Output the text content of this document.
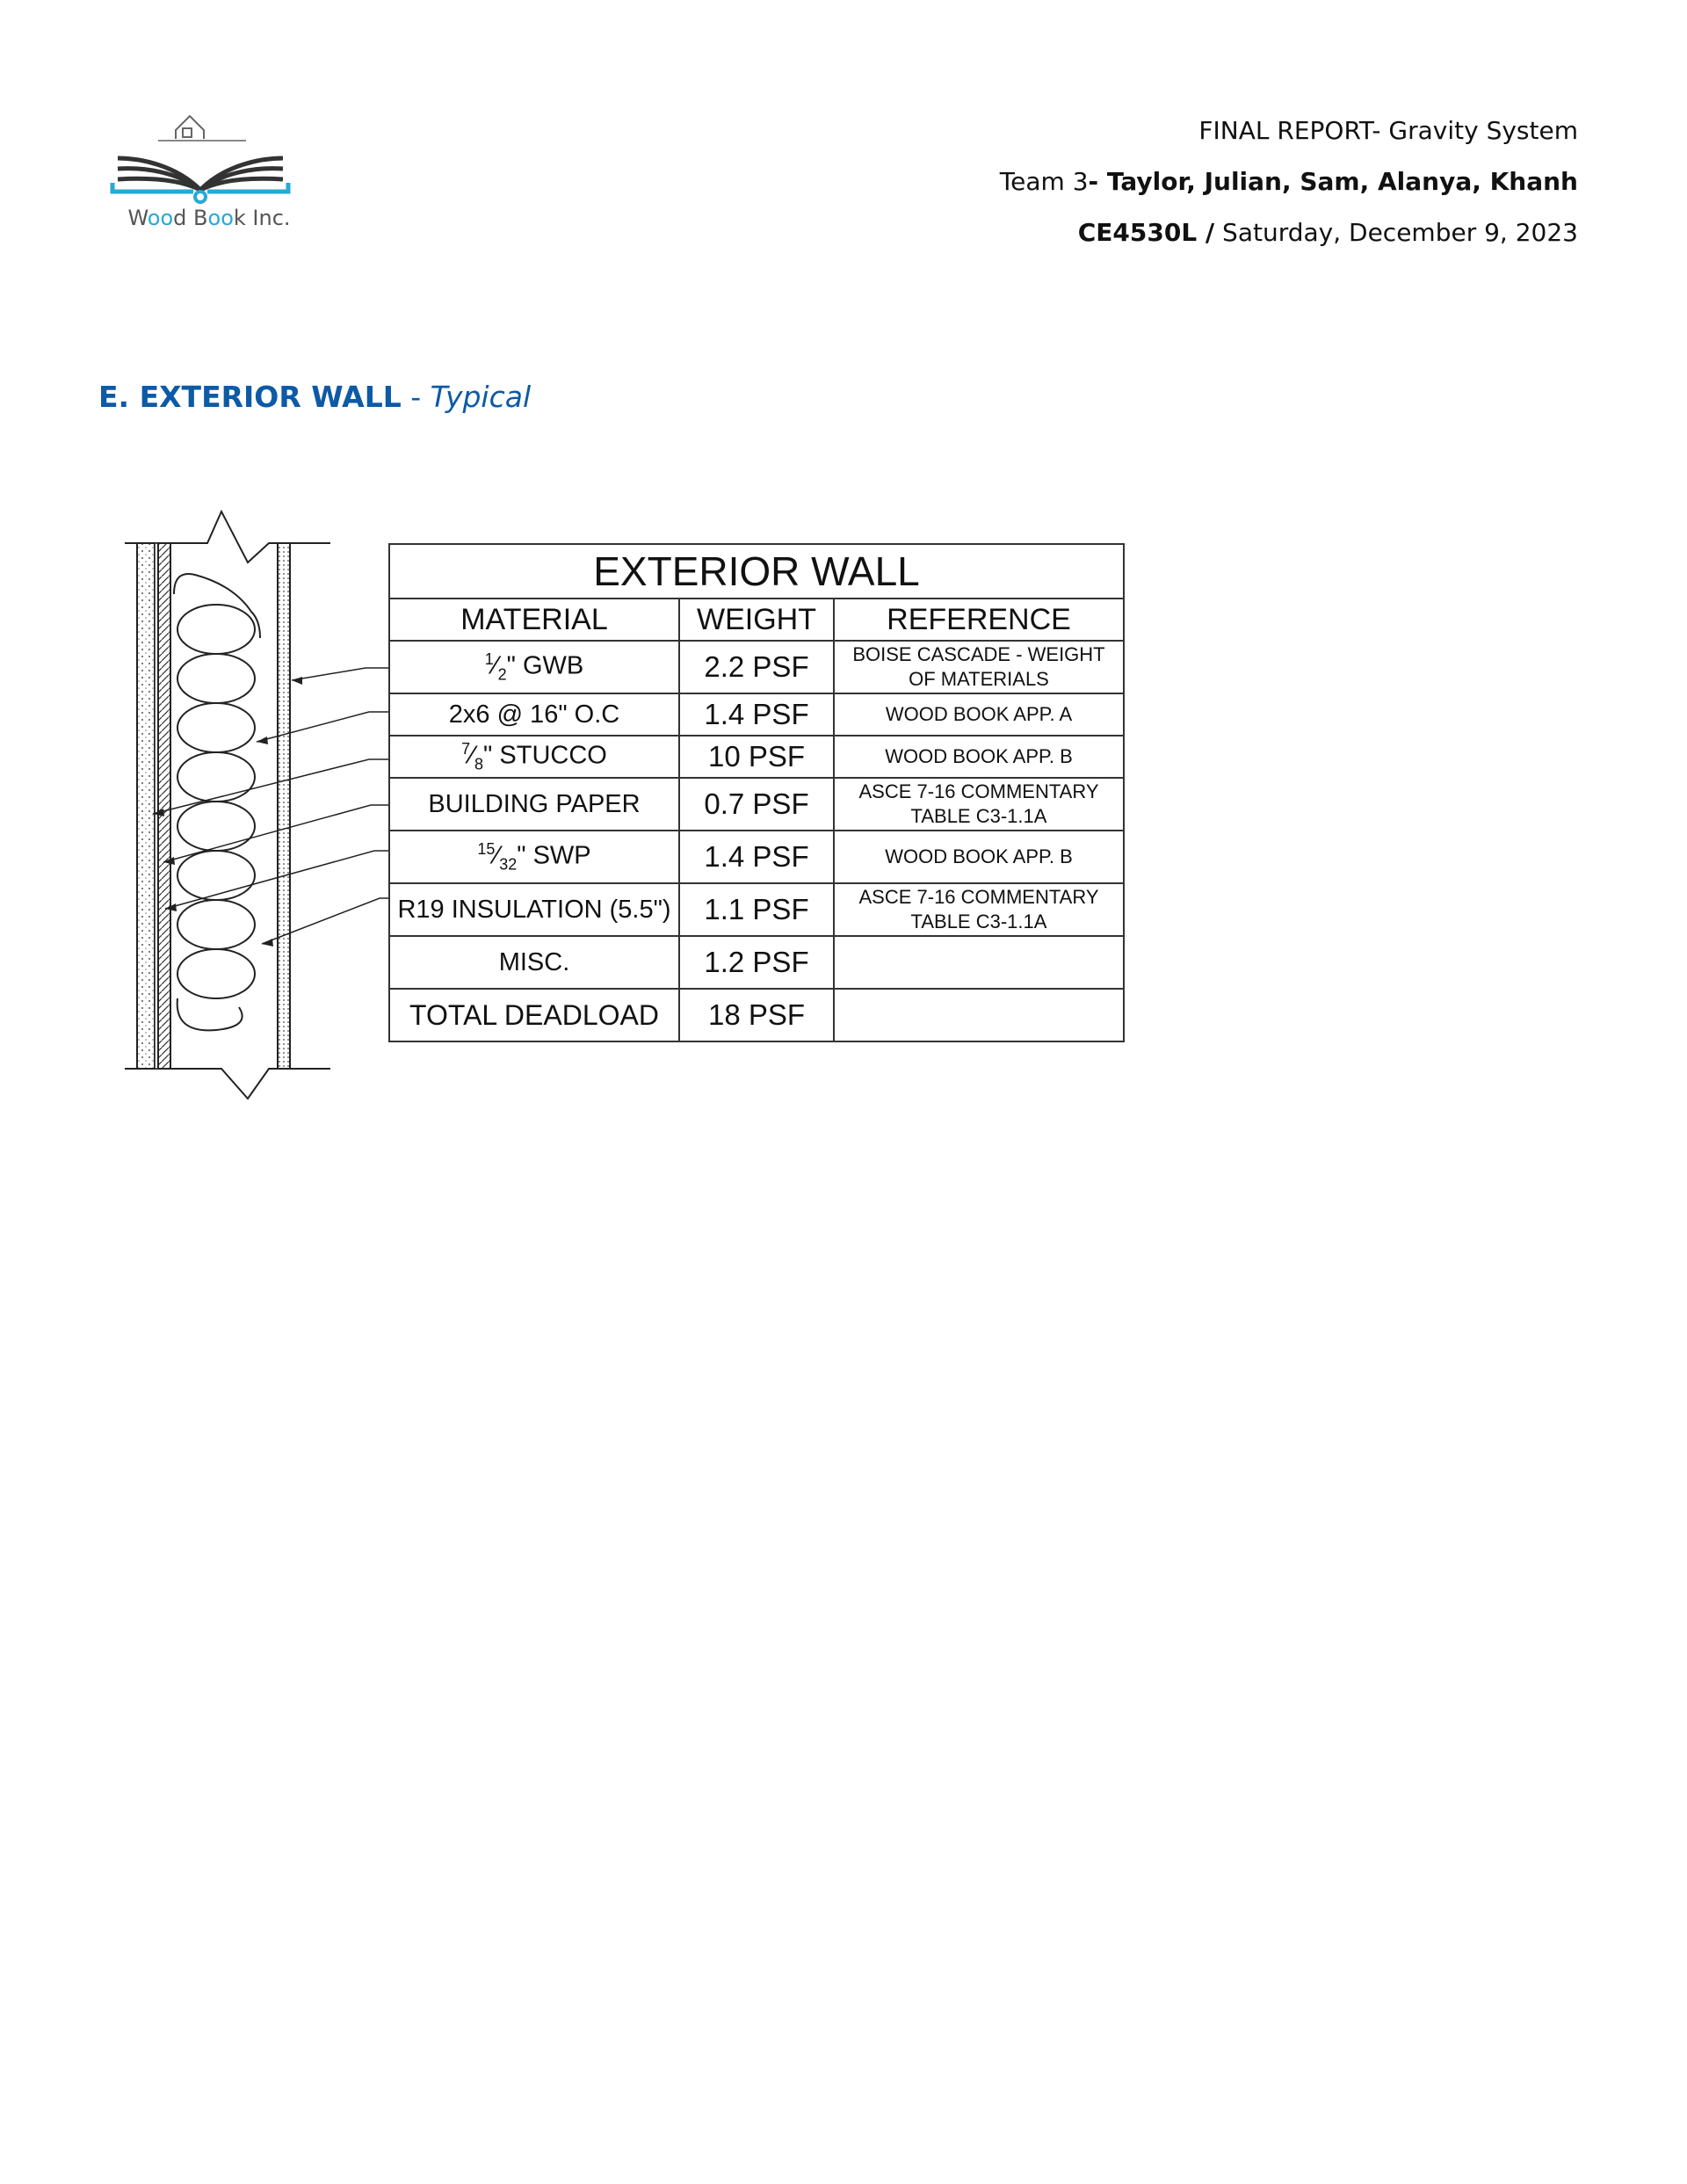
Wood Book Inc.
FINAL REPORT- Gravity System
Team 3- Taylor, Julian, Sam, Alanya, Khanh
CE4530L / Saturday, December 9, 2023
E. EXTERIOR WALL - Typical
EXTERIOR WALL		
MATERIAL	WEIGHT	REFERENCE
$^1⁄_2$" GWB	2.2 PSF	BOISE CASCADE - WEIGHT
OF MATERIALS

2x6 @ 16" O.C	1.4 PSF	WOOD BOOK APP. A
$^7⁄_8$" STUCCO	10 PSF	WOOD BOOK APP. B
BUILDING PAPER	0.7 PSF	ASCE 7-16 COMMENTARY
TABLE C3-1.1A

$^{15}⁄_{32}$" SWP	1.4 PSF	WOOD BOOK APP. B
R19 INSULATION (5.5")	1.1 PSF	ASCE 7-16 COMMENTARY
TABLE C3-1.1A

MISC.	1.2 PSF	
TOTAL DEADLOAD	18 PSF	
